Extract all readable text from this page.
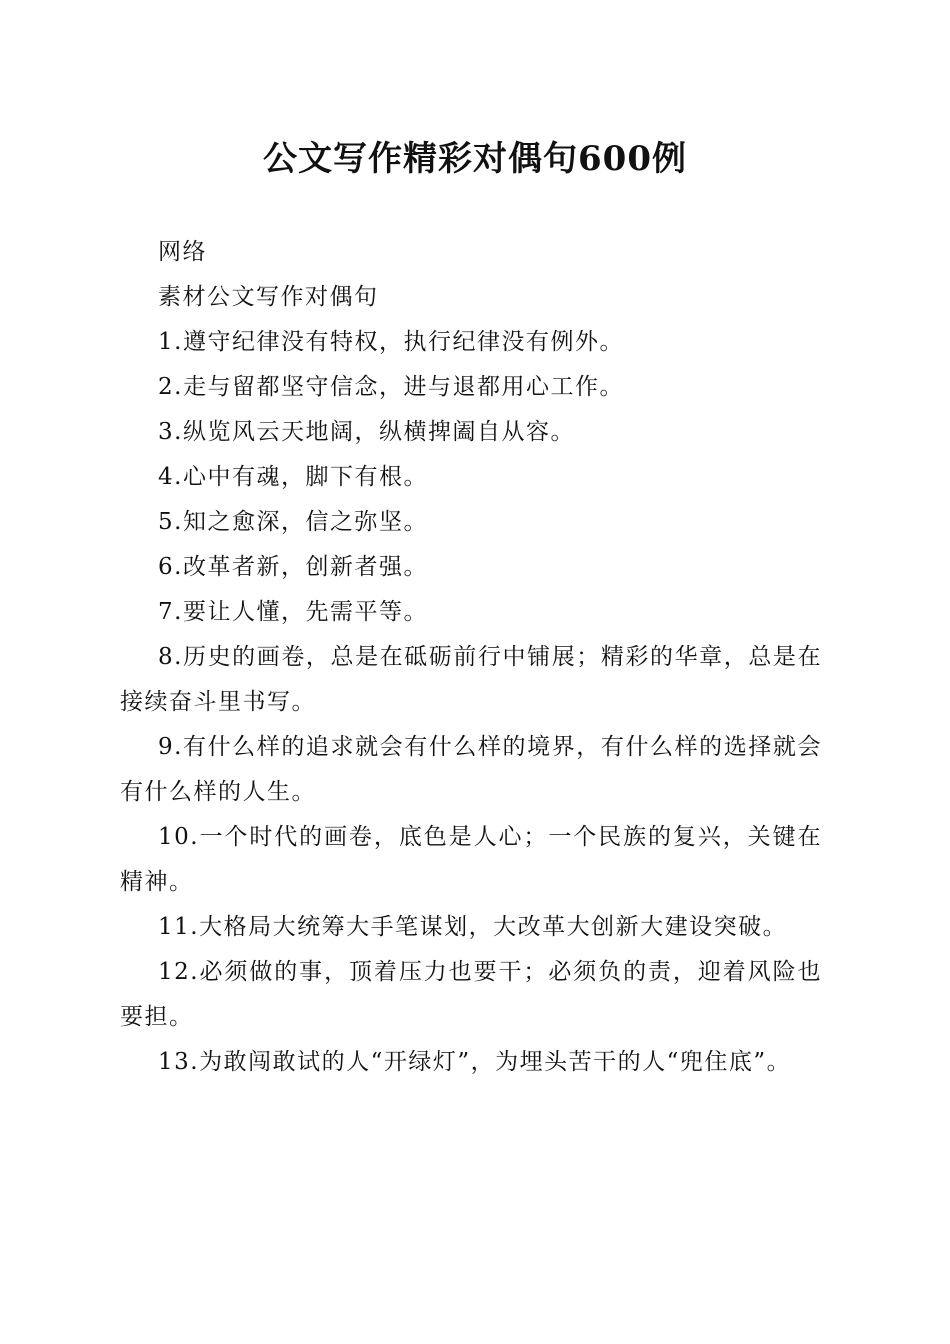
公文写作精彩对偶句600例

网络

素材公文写作对偶句

1.遵守纪律没有特权，执行纪律没有例外。

2.走与留都坚守信念，进与退都用心工作。

3.纵览风云天地阔，纵横捭阖自从容。

4.心中有魂，脚下有根。

5.知之愈深，信之弥坚。

6.改革者新，创新者强。

7.要让人懂，先需平等。

8.历史的画卷，总是在砥砺前行中铺展；精彩的华章，总是在接续奋斗里书写。

9.有什么样的追求就会有什么样的境界，有什么样的选择就会有什么样的人生。

10.一个时代的画卷，底色是人心；一个民族的复兴，关键在精神。

11.大格局大统筹大手笔谋划，大改革大创新大建设突破。

12.必须做的事，顶着压力也要干；必须负的责，迎着风险也要担。

13.为敢闯敢试的人“开绿灯”，为埋头苦干的人“兜住底”。
